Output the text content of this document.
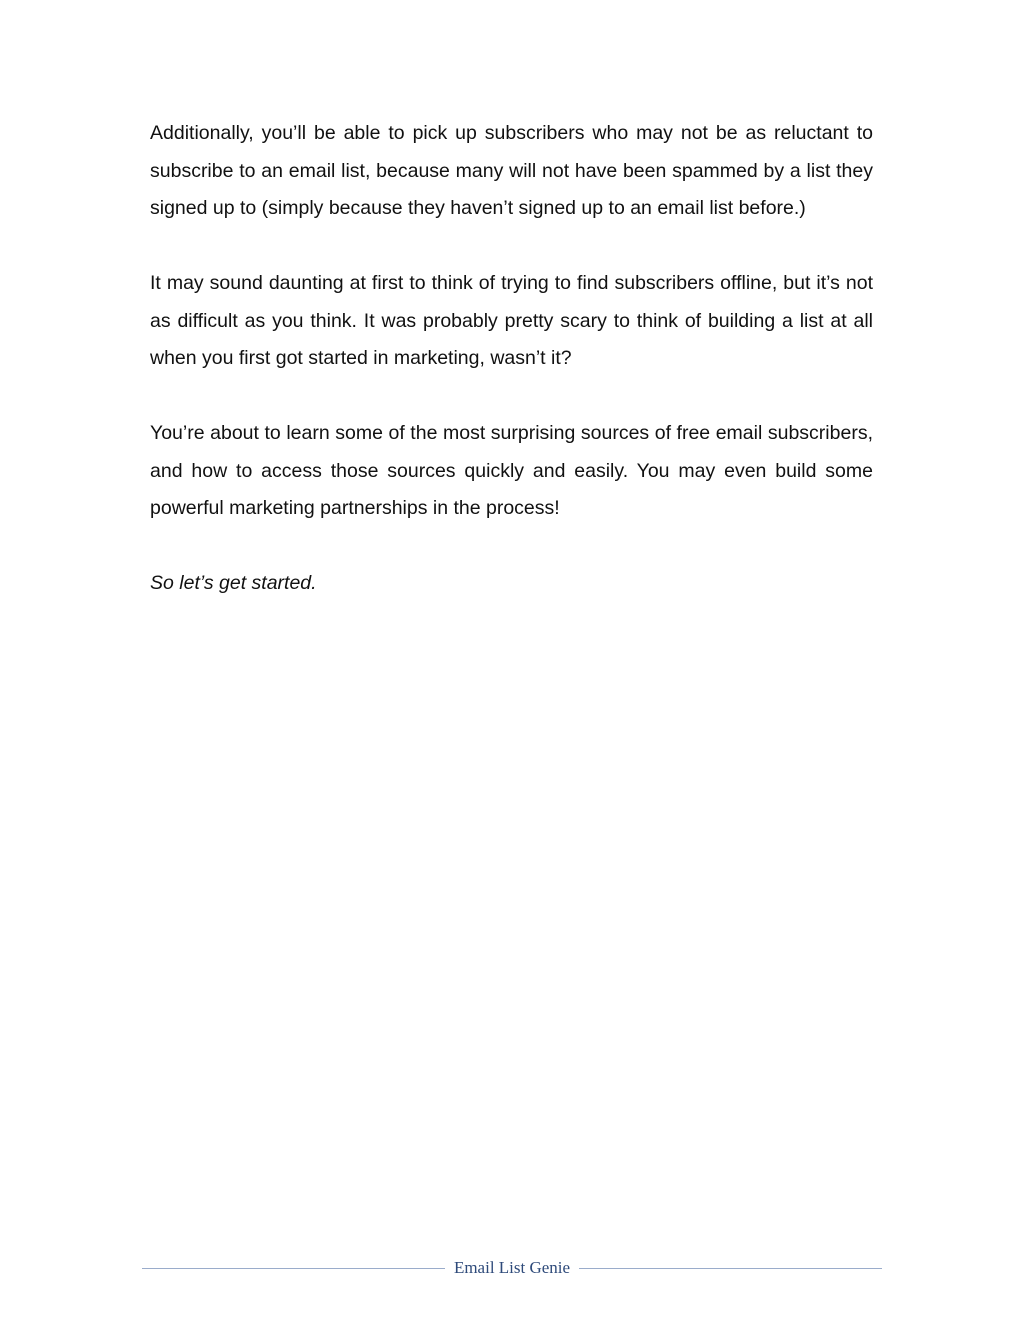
Additionally, you’ll be able to pick up subscribers who may not be as reluctant to subscribe to an email list, because many will not have been spammed by a list they signed up to (simply because they haven’t signed up to an email list before.)

It may sound daunting at first to think of trying to find subscribers offline, but it’s not as difficult as you think. It was probably pretty scary to think of building a list at all when you first got started in marketing, wasn’t it?

You’re about to learn some of the most surprising sources of free email subscribers, and how to access those sources quickly and easily. You may even build some powerful marketing partnerships in the process!

So let’s get started.

Email List Genie
